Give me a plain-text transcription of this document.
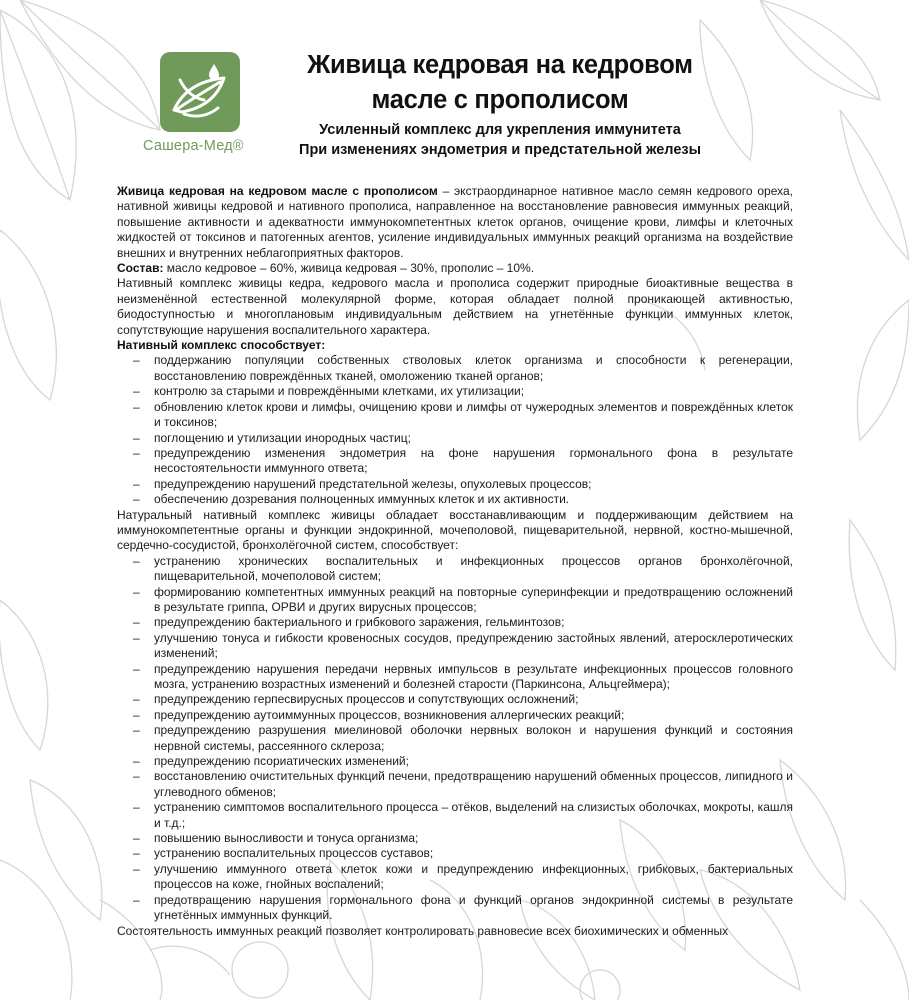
Сашера-Мед®
Живица кедровая на кедровом
масле с прополисом
Усиленный комплекс для укрепления иммунитета
При изменениях эндометрия и предстательной железы

Живица кедровая на кедровом масле с прополисом – экстраординарное нативное масло семян кедрового ореха, нативной живицы кедровой и нативного прополиса, направленное на восстановление равновесия иммунных реакций, повышение активности и адекватности иммунокомпетентных клеток органов, очищение крови, лимфы и клеточных жидкостей от токсинов и патогенных агентов, усиление индивидуальных иммунных реакций организма на воздействие внешних и внутренних неблагоприятных факторов.

Состав: масло кедровое – 60%, живица кедровая – 30%, прополис – 10%.

Нативный комплекс живицы кедра, кедрового масла и прополиса содержит природные биоактивные вещества в неизменённой естественной молекулярной форме, которая обладает полной проникающей активностью, биодоступностью и многоплановым индивидуальным действием на угнетённые функции иммунных клеток, сопутствующие нарушения воспалительного характера.

Нативный комплекс способствует:

– поддержанию популяции собственных стволовых клеток организма и способности к регенерации, восстановлению повреждённых тканей, омоложению тканей органов;
– контролю за старыми и повреждёнными клетками, их утилизации;
– обновлению клеток крови и лимфы, очищению крови и лимфы от чужеродных элементов и повреждённых клеток и токсинов;
– поглощению и утилизации инородных частиц;
– предупреждению изменения эндометрия на фоне нарушения гормонального фона в результате несостоятельности иммунного ответа;
– предупреждению нарушений предстательной железы, опухолевых процессов;
– обеспечению дозревания полноценных иммунных клеток и их активности.

Натуральный нативный комплекс живицы обладает восстанавливающим и поддерживающим действием на иммунокомпетентные органы и функции эндокринной, мочеполовой, пищеварительной, нервной, костно-мышечной, сердечно-сосудистой, бронхолёгочной систем, способствует:

– устранению хронических воспалительных и инфекционных процессов органов бронхолёгочной, пищеварительной, мочеполовой систем;
– формированию компетентных иммунных реакций на повторные суперинфекции и предотвращению осложнений в результате гриппа, ОРВИ и других вирусных процессов;
– предупреждению бактериального и грибкового заражения, гельминтозов;
– улучшению тонуса и гибкости кровеносных сосудов, предупреждению застойных явлений, атеросклеротических изменений;
– предупреждению нарушения передачи нервных импульсов в результате инфекционных процессов головного мозга, устранению возрастных изменений и болезней старости (Паркинсона, Альцгеймера);
– предупреждению герпесвирусных процессов и сопутствующих осложнений;
– предупреждению аутоиммунных процессов, возникновения аллергических реакций;
– предупреждению разрушения миелиновой оболочки нервных волокон и нарушения функций и состояния нервной системы, рассеянного склероза;
– предупреждению псориатических изменений;
– восстановлению очистительных функций печени, предотвращению нарушений обменных процессов, липидного и углеводного обменов;
– устранению симптомов воспалительного процесса – отёков, выделений на слизистых оболочках, мокроты, кашля и т.д.;
– повышению выносливости и тонуса организма;
– устранению воспалительных процессов суставов;
– улучшению иммунного ответа клеток кожи и предупреждению инфекционных, грибковых, бактериальных процессов на коже, гнойных воспалений;
– предотвращению нарушения гормонального фона и функций органов эндокринной системы в результате угнетённых иммунных функций.

Состоятельность иммунных реакций позволяет контролировать равновесие всех биохимических и обменных
